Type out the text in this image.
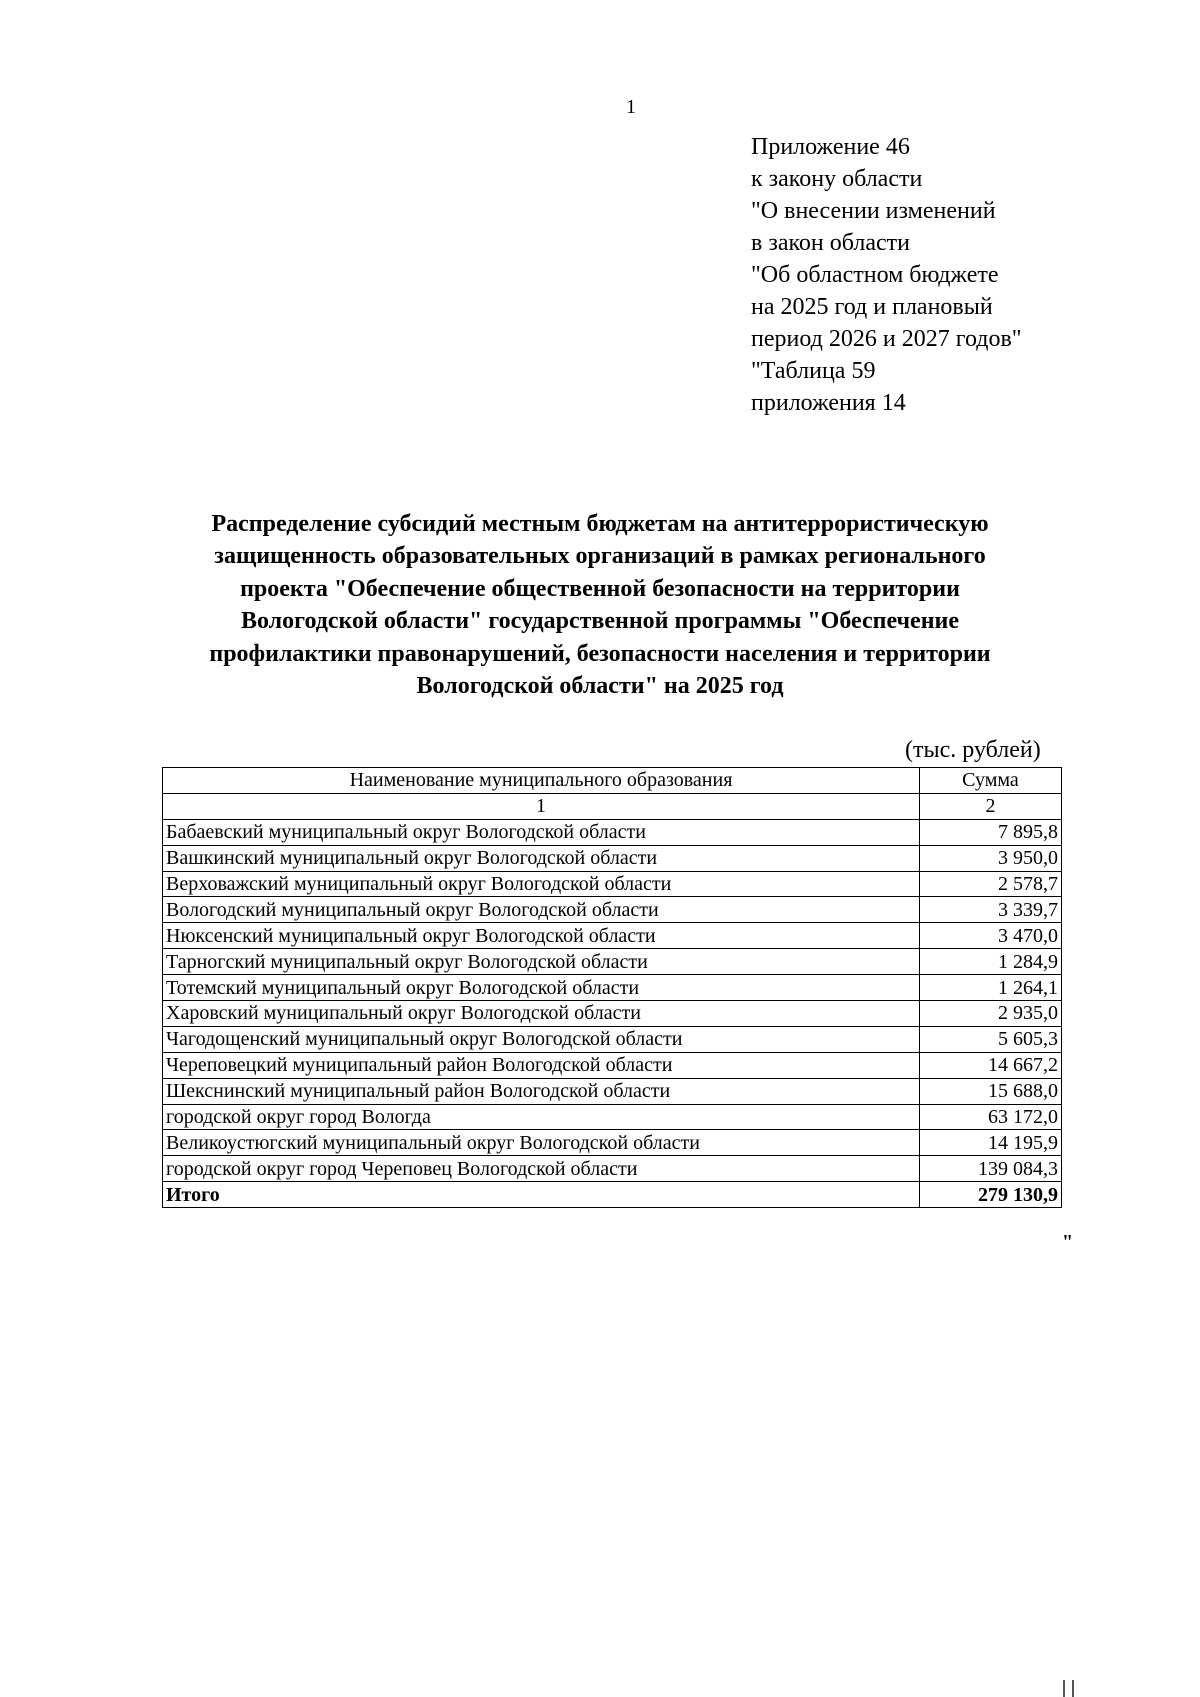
1
Приложение 46
к закону области
"О внесении изменений
в закон области
"Об областном бюджете
на 2025 год и плановый
период 2026 и 2027 годов"
"Таблица 59
приложения 14
Распределение субсидий местным бюджетам на антитеррористическую
защищенность образовательных организаций в рамках регионального
проекта "Обеспечение общественной безопасности на территории
Вологодской области" государственной программы "Обеспечение
профилактики правонарушений, безопасности населения и территории
Вологодской области" на 2025 год
(тыс. рублей)
Наименование муниципального образования	Сумма
1	2
Бабаевский муниципальный округ Вологодской области	7 895,8
Вашкинский муниципальный округ Вологодской области	3 950,0
Верховажский муниципальный округ Вологодской области	2 578,7
Вологодский муниципальный округ Вологодской области	3 339,7
Нюксенский муниципальный округ Вологодской области	3 470,0
Тарногский муниципальный округ Вологодской области	1 284,9
Тотемский муниципальный округ Вологодской области	1 264,1
Харовский муниципальный округ Вологодской области	2 935,0
Чагодощенский муниципальный округ Вологодской области	5 605,3
Череповецкий муниципальный район Вологодской области	14 667,2
Шекснинский муниципальный район Вологодской области	15 688,0
городской округ город Вологда	63 172,0
Великоустюгский муниципальный округ Вологодской области	14 195,9
городской округ город Череповец Вологодской области	139 084,3
Итого	279 130,9
"
